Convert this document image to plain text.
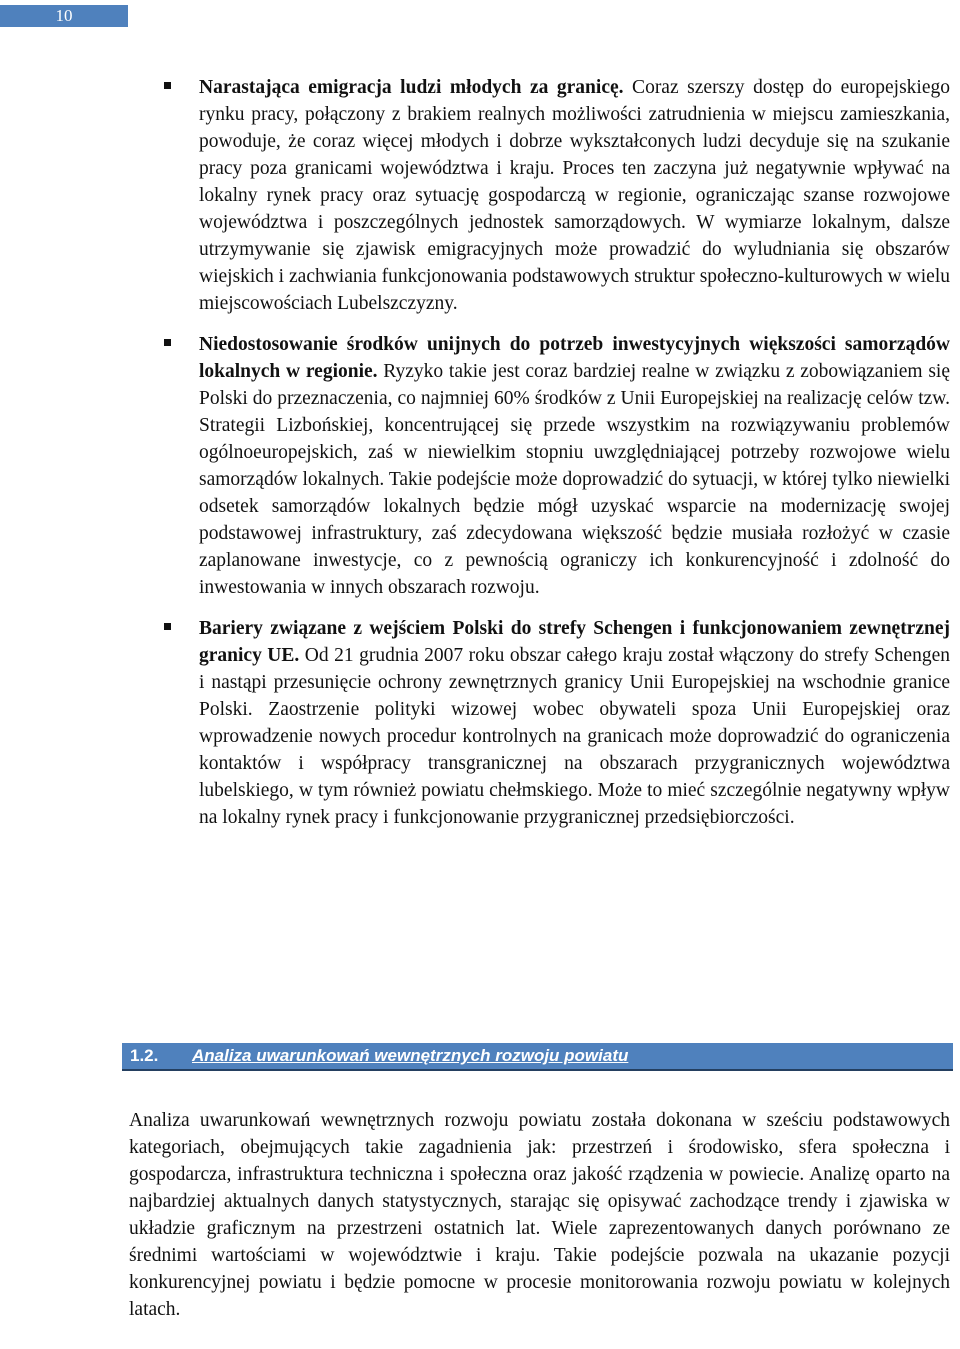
10

Narastająca emigracja ludzi młodych za granicę. Coraz szerszy dostęp do europejskiego rynku pracy, połączony z brakiem realnych możliwości zatrudnienia w miejscu zamieszkania, powoduje, że coraz więcej młodych i dobrze wykształconych ludzi decyduje się na szukanie pracy poza granicami województwa i kraju. Proces ten zaczyna już negatywnie wpływać na lokalny rynek pracy oraz sytuację gospodarczą w regionie, ograniczając szanse rozwojowe województwa i poszczególnych jednostek samorządowych. W wymiarze lokalnym, dalsze utrzymywanie się zjawisk emigracyjnych może prowadzić do wyludniania się obszarów wiejskich i zachwiania funkcjonowania podstawowych struktur społeczno-kulturowych w wielu miejscowościach Lubelszczyzny.

Niedostosowanie środków unijnych do potrzeb inwestycyjnych większości samorządów lokalnych w regionie. Ryzyko takie jest coraz bardziej realne w związku z zobowiązaniem się Polski do przeznaczenia, co najmniej 60% środków z Unii Europejskiej na realizację celów tzw. Strategii Lizbońskiej, koncentrującej się przede wszystkim na rozwiązywaniu problemów ogólnoeuropejskich, zaś w niewielkim stopniu uwzględniającej potrzeby rozwojowe wielu samorządów lokalnych. Takie podejście może doprowadzić do sytuacji, w której tylko niewielki odsetek samorządów lokalnych będzie mógł uzyskać wsparcie na modernizację swojej podstawowej infrastruktury, zaś zdecydowana większość będzie musiała rozłożyć w czasie zaplanowane inwestycje, co z pewnością ograniczy ich konkurencyjność i zdolność do inwestowania w innych obszarach rozwoju.

Bariery związane z wejściem Polski do strefy Schengen i funkcjonowaniem zewnętrznej granicy UE. Od 21 grudnia 2007 roku obszar całego kraju został włączony do strefy Schengen i nastąpi przesunięcie ochrony zewnętrznych granicy Unii Europejskiej na wschodnie granice Polski. Zaostrzenie polityki wizowej wobec obywateli spoza Unii Europejskiej oraz wprowadzenie nowych procedur kontrolnych na granicach może doprowadzić do ograniczenia kontaktów i współpracy transgranicznej na obszarach przygranicznych województwa lubelskiego, w tym również powiatu chełmskiego. Może to mieć szczególnie negatywny wpływ na lokalny rynek pracy i funkcjonowanie przygranicznej przedsiębiorczości.

1.2. Analiza uwarunkowań wewnętrznych rozwoju powiatu

Analiza uwarunkowań wewnętrznych rozwoju powiatu została dokonana w sześciu podstawowych kategoriach, obejmujących takie zagadnienia jak: przestrzeń i środowisko, sfera społeczna i gospodarcza, infrastruktura techniczna i społeczna oraz jakość rządzenia w powiecie. Analizę oparto na najbardziej aktualnych danych statystycznych, starając się opisywać zachodzące trendy i zjawiska w układzie graficznym na przestrzeni ostatnich lat. Wiele zaprezentowanych danych porównano ze średnimi wartościami w województwie i kraju. Takie podejście pozwala na ukazanie pozycji konkurencyjnej powiatu i będzie pomocne w procesie monitorowania rozwoju powiatu w kolejnych latach.
